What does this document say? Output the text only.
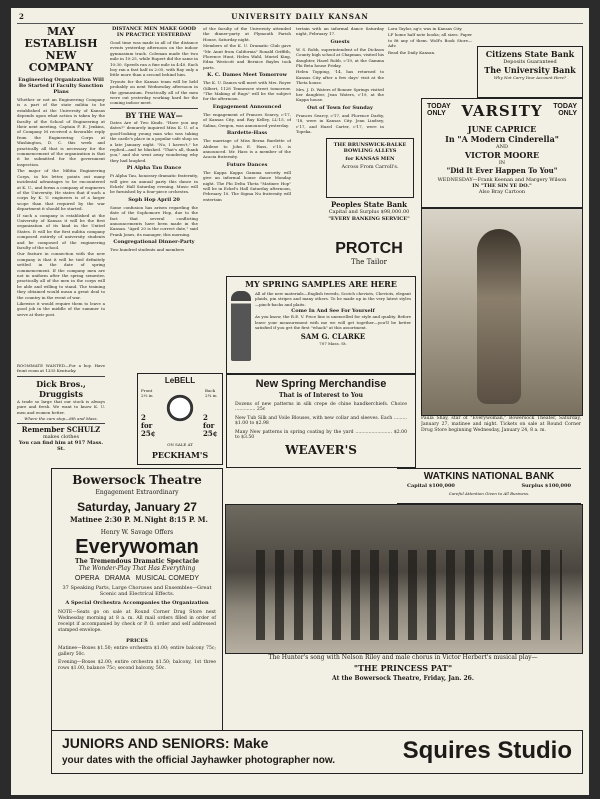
2	UNIVERSITY DAILY KANSAN
MAY ESTABLISH NEW COMPANY
Engineering Organization Will Be Started if Faculty Sanction Plans

Whether or not an Engineering Company is a part of the state militia to be established at the University of Kansas depends upon what action is taken by the faculty of the School of Engineering at their next meeting. Captain F. E. Jenkins, of Company M received a favorable reply from the Engineering Corps at Washington, D. C. this week and practically all that is necessary for the commencement of the organization is that it be submitted for the government inspection.

The major of the Militia Engineering Corps, in his letter, points out many incidental advantages to be encountered at K. U., and forms a company of engineers of the University. He states that if such a corps by K. U. engineers is of a larger scope than that required by the war department it should be started.

If such a company is established at the University of Kansas it will be the first organization of its kind in the United States. It will be the first militia company composed entirely of university students and be composed of the engineering faculty of the school.

Our feature in connection with the new company is that it will be tied definitely settled in the date of spring commencement. If the company men are not in uniform after the spring semester, practically all of the men in the corps will be able and willing to stand. The training they obtained would mean a great deal to the country in the event of war.

Likewise it would require them to leave a good job in the middle of the summer to serve at their post.

ROOMMATE WANTED—For a boy. Have front room at 1335 Kentucky.

Dick Bros., Druggists

A trade so large that our stock is always pure and fresh. We want to know K. U. men and women better.

Where the cars stop—8th and Mass.

Remember SCHULZ
makes clothes
You can find him at 917 Mass. St.
DISTANCE MEN MAKE GOOD IN PRACTICE YESTERDAY

Good time was made in all of the distance events yesterday afternoon on the indoor gymnasium track. Coleman made the two mile in 10:25, while Rupert did the same in 10:30. Speeds ran a fine mile in 4:40. Each boy ran a fast half in 2:05, with Ray only a little more than a second behind him.

Tryouts for the Kansas team will be held probably on next Wednesday afternoon in the gymnasium. Practically all of the men were out yesterday working hard for the coming indoor meet.

BY THE WAY—

Dates Are of Two Kinds. "Have you any dates?" demurely inquired Miss K. U. of a good-looking young man who was taking the castle's place in a popular cafe shop on a late January night. "No, I haven't," he replied—and he blushed. "That's all, thank you," and she went away wondering why they had laughed.

Pi Alpha Tau Dance

Pi Alpha Tau, honorary dramatic fraternity, will give an annual party this dance in Eckels' Hall Saturday evening. Music will be furnished by a four-piece orchestra.

Soph Hop April 20

Some confusion has arisen regarding the date of the Sophomore Hop, due to the fact that several conflicting announcements have been made in the Kansan. "April 20 is the correct date," said Frank Jones, its manager, this morning.

Congregational Dinner-Party

Two hundred students and members

LeBELL
Front 2⅛ in
Back 2¼ in
2 for 25¢
2 for 25¢
ON SALE AT
PECKHAM'S

of the faculty of the University attended the dinner-party at Plymouth Parish House, Saturday night.

Members of the K. U. Dramatic Club gave "Mr. Aunt from California" Ronald Griffith, Florence Hunt, Helen Wahl, Muriel King, Edna Westcott and Bernice Bayles took parts.

K. C. Dames Meet Tomorrow

The K. U. Dames will meet with Mrs. Royer Gilbert, 1128 Tennessee street tomorrow. "The Making of Rugs" will be the subject for the afternoon.

Engagement Announced

The engagement of Frances Searcy, c'17, of Kansas City, and Ray Kelley, LL'15, of Salina, Oregon, was announced yesterday.

Bardette-Hass

The marriage of Miss Berna Bardette of Abilene to John E. Hass, c'15, is announced. Mr. Hass is a member of the Acacia fraternity.

Future Dances

The Kappa Kappa Gamma sorority will give an informal house dance Monday night. The Phi Delta Theta "Matinee Hop" will be in Eckel's Hall Saturday afternoon, February 10. The Sigma Nu fraternity will entertain

tertain with an informal dance Saturday night, February 17.

Guests

W. S. Robb, superintendent of the Dickson County high school at Chapman, visited his daughter, Hazel Robb, c'19, at the Gamma Phi Beta house Friday.

Helen Topping, '14, has returned to Kansas City after a few days' visit at the Theta house.

Mrs. J. D. Waters of Bonner Springs visited her daughter, Jean Waters, c'19, at the Kappa house.

Out of Town for Sunday

Frances Searcy, c'17, and Florence Darby, '18, were in Kansas City. Jean Lindsey, c'17, and Hazel Carter, c'17, were in Topeka.

Lora Taylor, ag'r, was in Kansas City.

LF home half note books; all sizes. Paper to fit any of them. Wolf's Book Store—Adv.

Read the Daily Kansan.

THE BRUNSWICK-BALKE BOWLING ALLEYS
for KANSAS MEN
Across From Carroll's.
Peoples State Bank
Capital and Surplus $98,000.00
"EVERY BANKING SERVICE"
PROTCH
The Tailor
Citizens State Bank
Deposits Guaranteed
The University Bank
Why Not Carry Your Account Here?
TODAY ONLY	VARSITY	TODAY ONLY
JUNE CAPRICE
In "A Modern Cinderella"
AND
VICTOR MOORE
IN
"Did It Ever Happen To You"
WEDNESDAY—Frank Keenan and Margery Wilson
IN "THE SIN YE DO."
Also Bray Cartoon

Paula Shay, star of "Everywoman," Bowersock Theater, Saturday, January 27, matinee and night. Tickets on sale at Round Corner Drug Store beginning Wednesday, January 24, 8 a. m.

MY SPRING SAMPLES ARE HERE

All of the new materials—English tweeds, Scotch cheviots, Cheviots, elegant plaids, pin stripes and many others. To be made up in the very latest styles—pinch-backs and plaits.

Come In And See For Yourself

As you know, the R.E. V. Price line is unexcelled for style and quality. Before leave your measurement with me we will get together—you'll be better satisfied if you get the first "whack" at this assortment.

SAM G. CLARKE
707 Mass. St.
New Spring Merchandise
That is of Interest to You

Dozens of new patterns in silk crepe de chine handkerchiefs. Choice .............. 25c

New Tub Silk and Voile Blouses, with new collar and sleeves. Each ......... $1.00 to $2.98

Many New patterns in spring coating by the yard ......................... $2.00 to $3.50

WEAVER'S
Bowersock Theatre
Engagement Extraordinary
Saturday, January 27
Matinee 2:30 P. M. Night 8:15 P. M.
Henry W. Savage Offers
Everywoman
The Tremendous Dramatic Spectacle
The Wonder-Play That Has Everything
OPERA   DRAMA   MUSICAL COMEDY

37 Speaking Parts, Large Choruses and Ensembles—Great Scenic and Electrical Effects.

A Special Orchestra Accompanies the Organization

NOTE—Seats go on sale at Round Corner Drug Store next Wednesday morning at 8 a. m. All mail orders filled in order of receipt if accompanied by check or P. O. order and self addressed stamped envelope.

PRICES

Matinee—Boxes $1.50; entire orchestra $1.00; entire balcony 75c; gallery 50c.

Evening—Boxes $2.00; entire orchestra $1.50; balcony, 1st three rows $1.00, balance 75c; second balcony, 50c.

WATKINS NATIONAL BANK
Capital $100,000	Surplus $100,000
Careful Attention Given to All Business.
The Hunter's song with Nelson Riley and male chorus in Victor Herbert's musical play—
"THE PRINCESS PAT"
At the Bowersock Theatre, Friday, Jan. 26.
JUNIORS AND SENIORS: Make
your dates with the official Jayhawker photographer now.	Squires Studio
